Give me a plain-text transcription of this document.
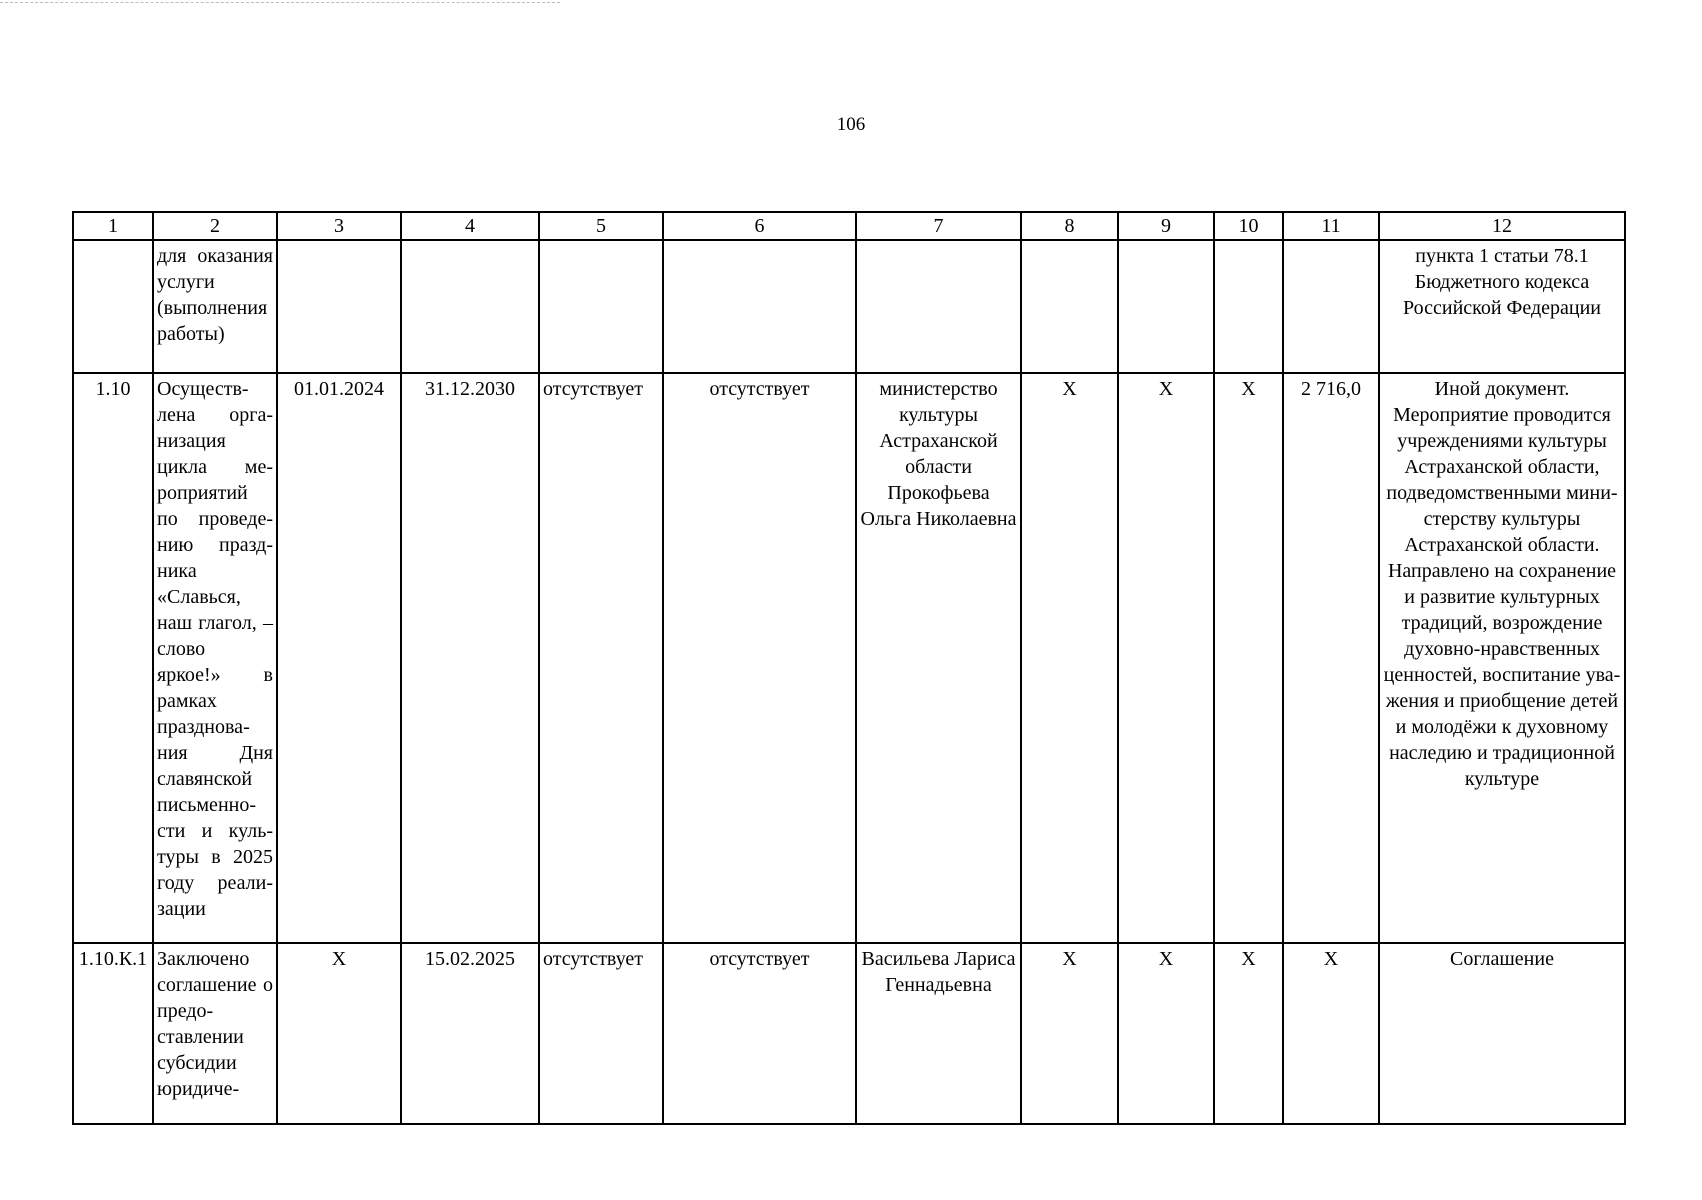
106
1	2	3	4	5	6	7	8	9	10	11	12
	для оказания услуги (выполнения работы)										пункта 1 статьи 78.1 Бюджетного кодекса Российской Федерации
1.10	Осуществлена организация цикла мероприятий по проведению праздника «Славься, наш глагол, – слово яркое!» в рамках празднования Дня славянской письменности и культуры в 2025 году реализации	01.01.2024	31.12.2030	отсутствует	отсутствует	министерство культуры Астраханской области Прокофьева Ольга Николаевна	X	X	X	2 716,0	Иной документ. Мероприятие проводится учреждениями культуры Астраханской области, подведомственными министерству культуры Астраханской области. Направлено на сохранение и развитие культурных традиций, возрождение духовно-нравственных ценностей, воспитание уважения и приобщение детей и молодёжи к духовному наследию и традиционной культуре
1.10.К.1	Заключено соглашение о предоставлении субсидии юридиче-	X	15.02.2025	отсутствует	отсутствует	Васильева Лариса Геннадьевна	X	X	X	X	Соглашение
